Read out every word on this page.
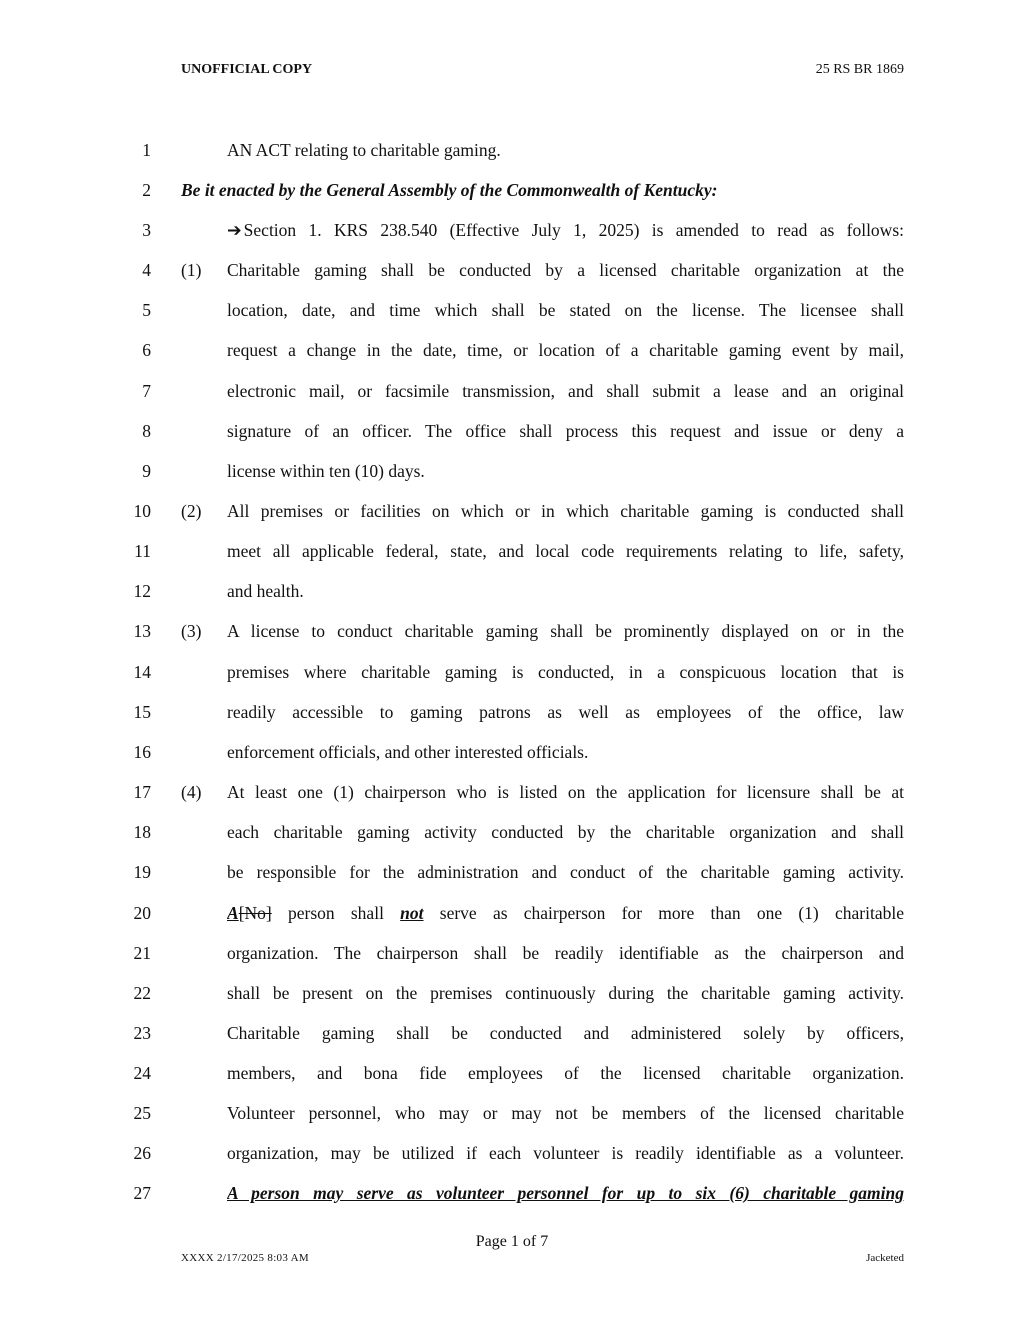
UNOFFICIAL COPY	25 RS BR 1869
1
2
3
4
5
6
7
8
9
10
11
12
13
14
15
16
17
18
19
20
21
22
23
24
25
26
27
(1)
(2)
(3)
(4)
AN ACT relating to charitable gaming.
Be it enacted by the General Assembly of the Commonwealth of Kentucky:
➔ Section 1. KRS 238.540 (Effective July 1, 2025) is amended to read as follows:
Charitable gaming shall be conducted by a licensed charitable organization at the
location, date, and time which shall be stated on the license. The licensee shall
request a change in the date, time, or location of a charitable gaming event by mail,
electronic mail, or facsimile transmission, and shall submit a lease and an original
signature of an officer. The office shall process this request and issue or deny a
license within ten (10) days.
All premises or facilities on which or in which charitable gaming is conducted shall
meet all applicable federal, state, and local code requirements relating to life, safety,
and health.
A license to conduct charitable gaming shall be prominently displayed on or in the
premises where charitable gaming is conducted, in a conspicuous location that is
readily accessible to gaming patrons as well as employees of the office, law
enforcement officials, and other interested officials.
At least one (1) chairperson who is listed on the application for licensure shall be at
each charitable gaming activity conducted by the charitable organization and shall
be responsible for the administration and conduct of the charitable gaming activity.
A[No] person shall not serve as chairperson for more than one (1) charitable
organization. The chairperson shall be readily identifiable as the chairperson and
shall be present on the premises continuously during the charitable gaming activity.
Charitable gaming shall be conducted and administered solely by officers,
members, and bona fide employees of the licensed charitable organization.
Volunteer personnel, who may or may not be members of the licensed charitable
organization, may be utilized if each volunteer is readily identifiable as a volunteer.
A person may serve as volunteer personnel for up to six (6) charitable gaming
Page 1 of 7
XXXX 2/17/2025 8:03 AM	Jacketed
